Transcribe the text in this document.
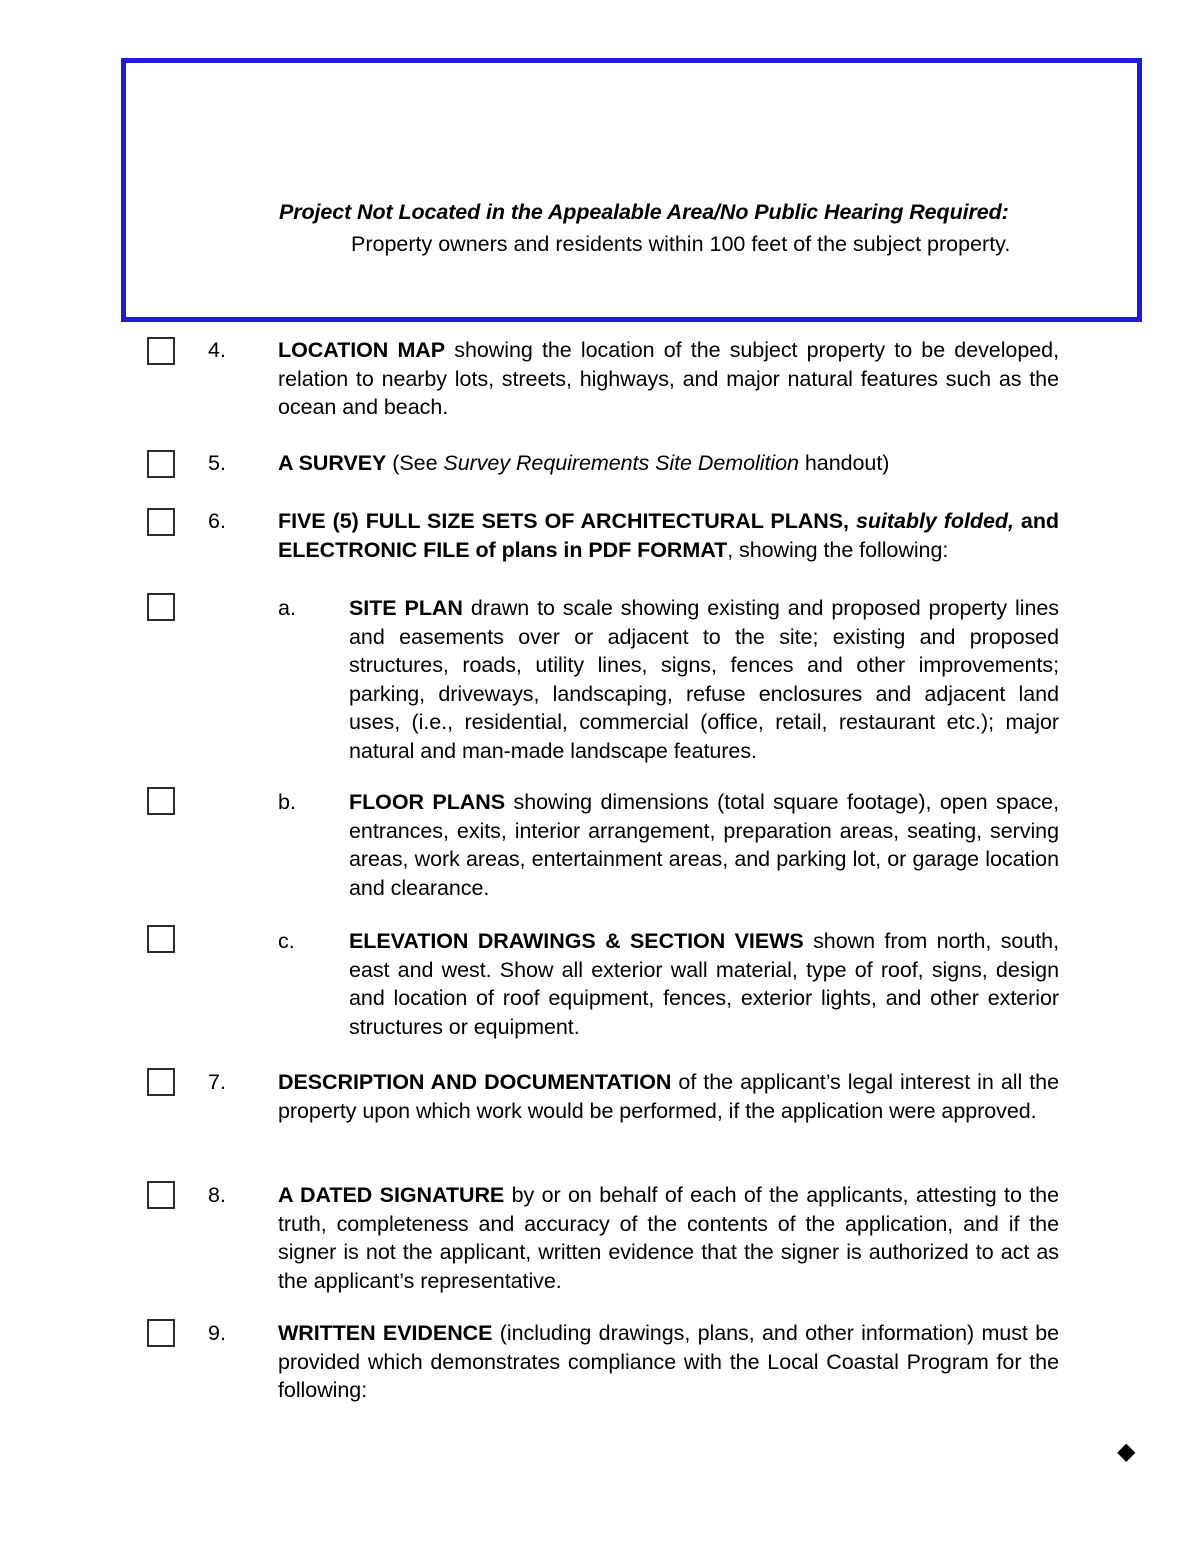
Project Not Located in the Appealable Area/No Public Hearing Required:
Property owners and residents within 100 feet of the subject property.
4. LOCATION MAP showing the location of the subject property to be developed, relation to nearby lots, streets, highways, and major natural features such as the ocean and beach.
5. A SURVEY (See Survey Requirements Site Demolition handout)
6. FIVE (5) FULL SIZE SETS OF ARCHITECTURAL PLANS, suitably folded, and ELECTRONIC FILE of plans in PDF FORMAT, showing the following:
a. SITE PLAN drawn to scale showing existing and proposed property lines and easements over or adjacent to the site; existing and proposed structures, roads, utility lines, signs, fences and other improvements; parking, driveways, landscaping, refuse enclosures and adjacent land uses, (i.e., residential, commercial (office, retail, restaurant etc.); major natural and man-made landscape features.
b. FLOOR PLANS showing dimensions (total square footage), open space, entrances, exits, interior arrangement, preparation areas, seating, serving areas, work areas, entertainment areas, and parking lot, or garage location and clearance.
c.	ELEVATION DRAWINGS & SECTION VIEWS shown from north, south, east and west. Show all exterior wall material, type of roof, signs, design and location of roof equipment, fences, exterior lights, and other exterior structures or equipment.
7. DESCRIPTION AND DOCUMENTATION of the applicant’s legal interest in all the property upon which work would be performed, if the application were approved.
8. A DATED SIGNATURE by or on behalf of each of the applicants, attesting to the truth, completeness and accuracy of the contents of the application, and if the signer is not the applicant, written evidence that the signer is authorized to act as the applicant’s representative.
9. WRITTEN EVIDENCE (including drawings, plans, and other information) must be provided which demonstrates compliance with the Local Coastal Program for the following:
◆
